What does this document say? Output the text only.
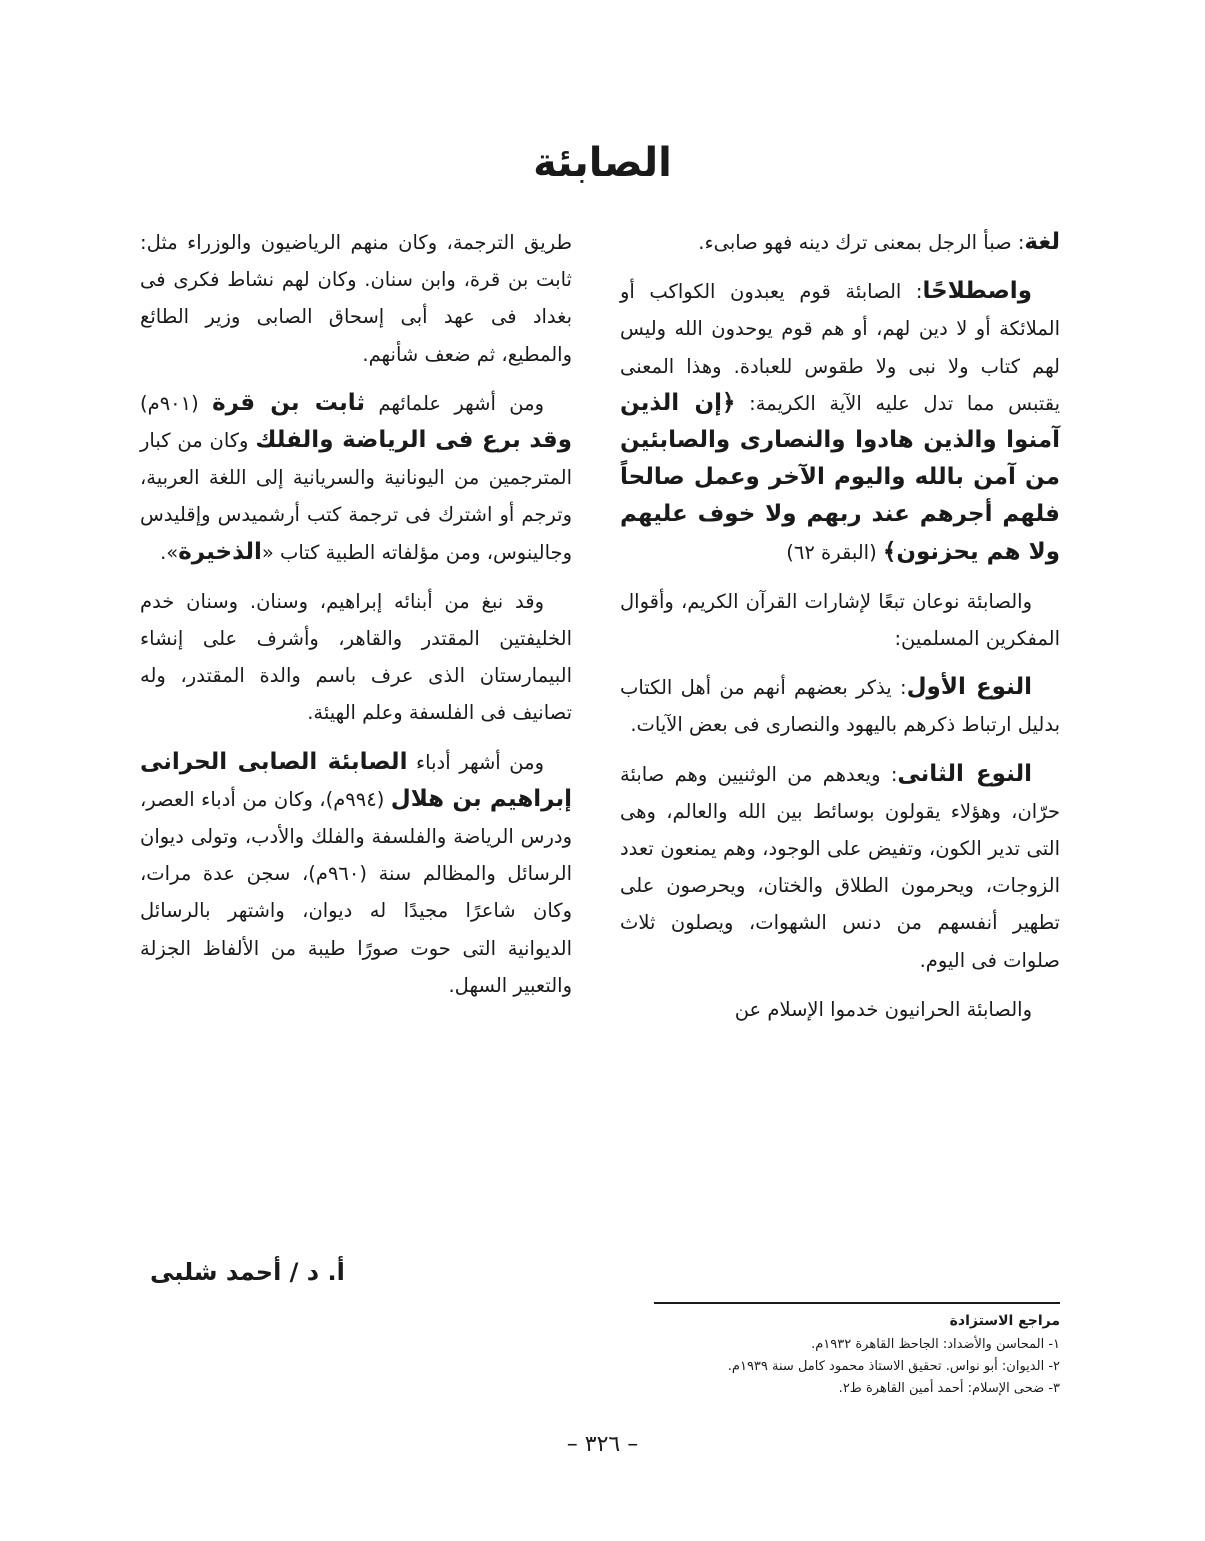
الصابئة

لغة: صبأ الرجل بمعنى ترك دينه فهو صابىء.

واصطلاحًا: الصابئة قوم يعبدون الكواكب أو الملائكة أو لا دين لهم، أو هم قوم يوحدون الله وليس لهم كتاب ولا نبى ولا طقوس للعبادة. وهذا المعنى يقتبس مما تدل عليه الآية الكريمة: ﴿إن الذين آمنوا والذين هادوا والنصارى والصابئين من آمن بالله واليوم الآخر وعمل صالحاً فلهم أجرهم عند ربهم ولا خوف عليهم ولا هم يحزنون﴾ (البقرة ٦٢)

والصابئة نوعان تبعًا لإشارات القرآن الكريم، وأقوال المفكرين المسلمين:

النوع الأول: يذكر بعضهم أنهم من أهل الكتاب بدليل ارتباط ذكرهم باليهود والنصارى فى بعض الآيات.

النوع الثانى: ويعدهم من الوثنيين وهم صابئة حرّان، وهؤلاء يقولون بوسائط بين الله والعالم، وهى التى تدير الكون، وتفيض على الوجود، وهم يمنعون تعدد الزوجات، ويحرمون الطلاق والختان، ويحرصون على تطهير أنفسهم من دنس الشهوات، ويصلون ثلاث صلوات فى اليوم.

والصابئة الحرانيون خدموا الإسلام عن

طريق الترجمة، وكان منهم الرياضيون والوزراء مثل: ثابت بن قرة، وابن سنان. وكان لهم نشاط فكرى فى بغداد فى عهد أبى إسحاق الصابى وزير الطائع والمطيع، ثم ضعف شأنهم.

ومن أشهر علمائهم ثابت بن قرة (٩٠١م) وقد برع فى الرياضة والفلك وكان من كبار المترجمين من اليونانية والسريانية إلى اللغة العربية، وترجم أو اشترك فى ترجمة كتب أرشميدس وإقليدس وجالينوس، ومن مؤلفاته الطبية كتاب «الذخيرة».

وقد نبغ من أبنائه إبراهيم، وسنان. وسنان خدم الخليفتين المقتدر والقاهر، وأشرف على إنشاء البيمارستان الذى عرف باسم والدة المقتدر، وله تصانيف فى الفلسفة وعلم الهيئة.

ومن أشهر أدباء الصابئة الصابى الحرانى إبراهيم بن هلال (٩٩٤م)، وكان من أدباء العصر، ودرس الرياضة والفلسفة والفلك والأدب، وتولى ديوان الرسائل والمظالم سنة (٩٦٠م)، سجن عدة مرات، وكان شاعرًا مجيدًا له ديوان، واشتهر بالرسائل الديوانية التى حوت صورًا طيبة من الألفاظ الجزلة والتعبير السهل.

أ. د / أحمد شلبى
مراجع الاستزادة
١- المحاسن والأضداد: الجاحظ القاهرة ١٩٣٢م.
٢- الديوان: أبو نواس. تحقيق الاستاذ محمود كامل سنة ١٩٣٩م.
٣- ضحى الإسلام: أحمد أمين القاهرة ط٢.
– ٣٢٦ –
